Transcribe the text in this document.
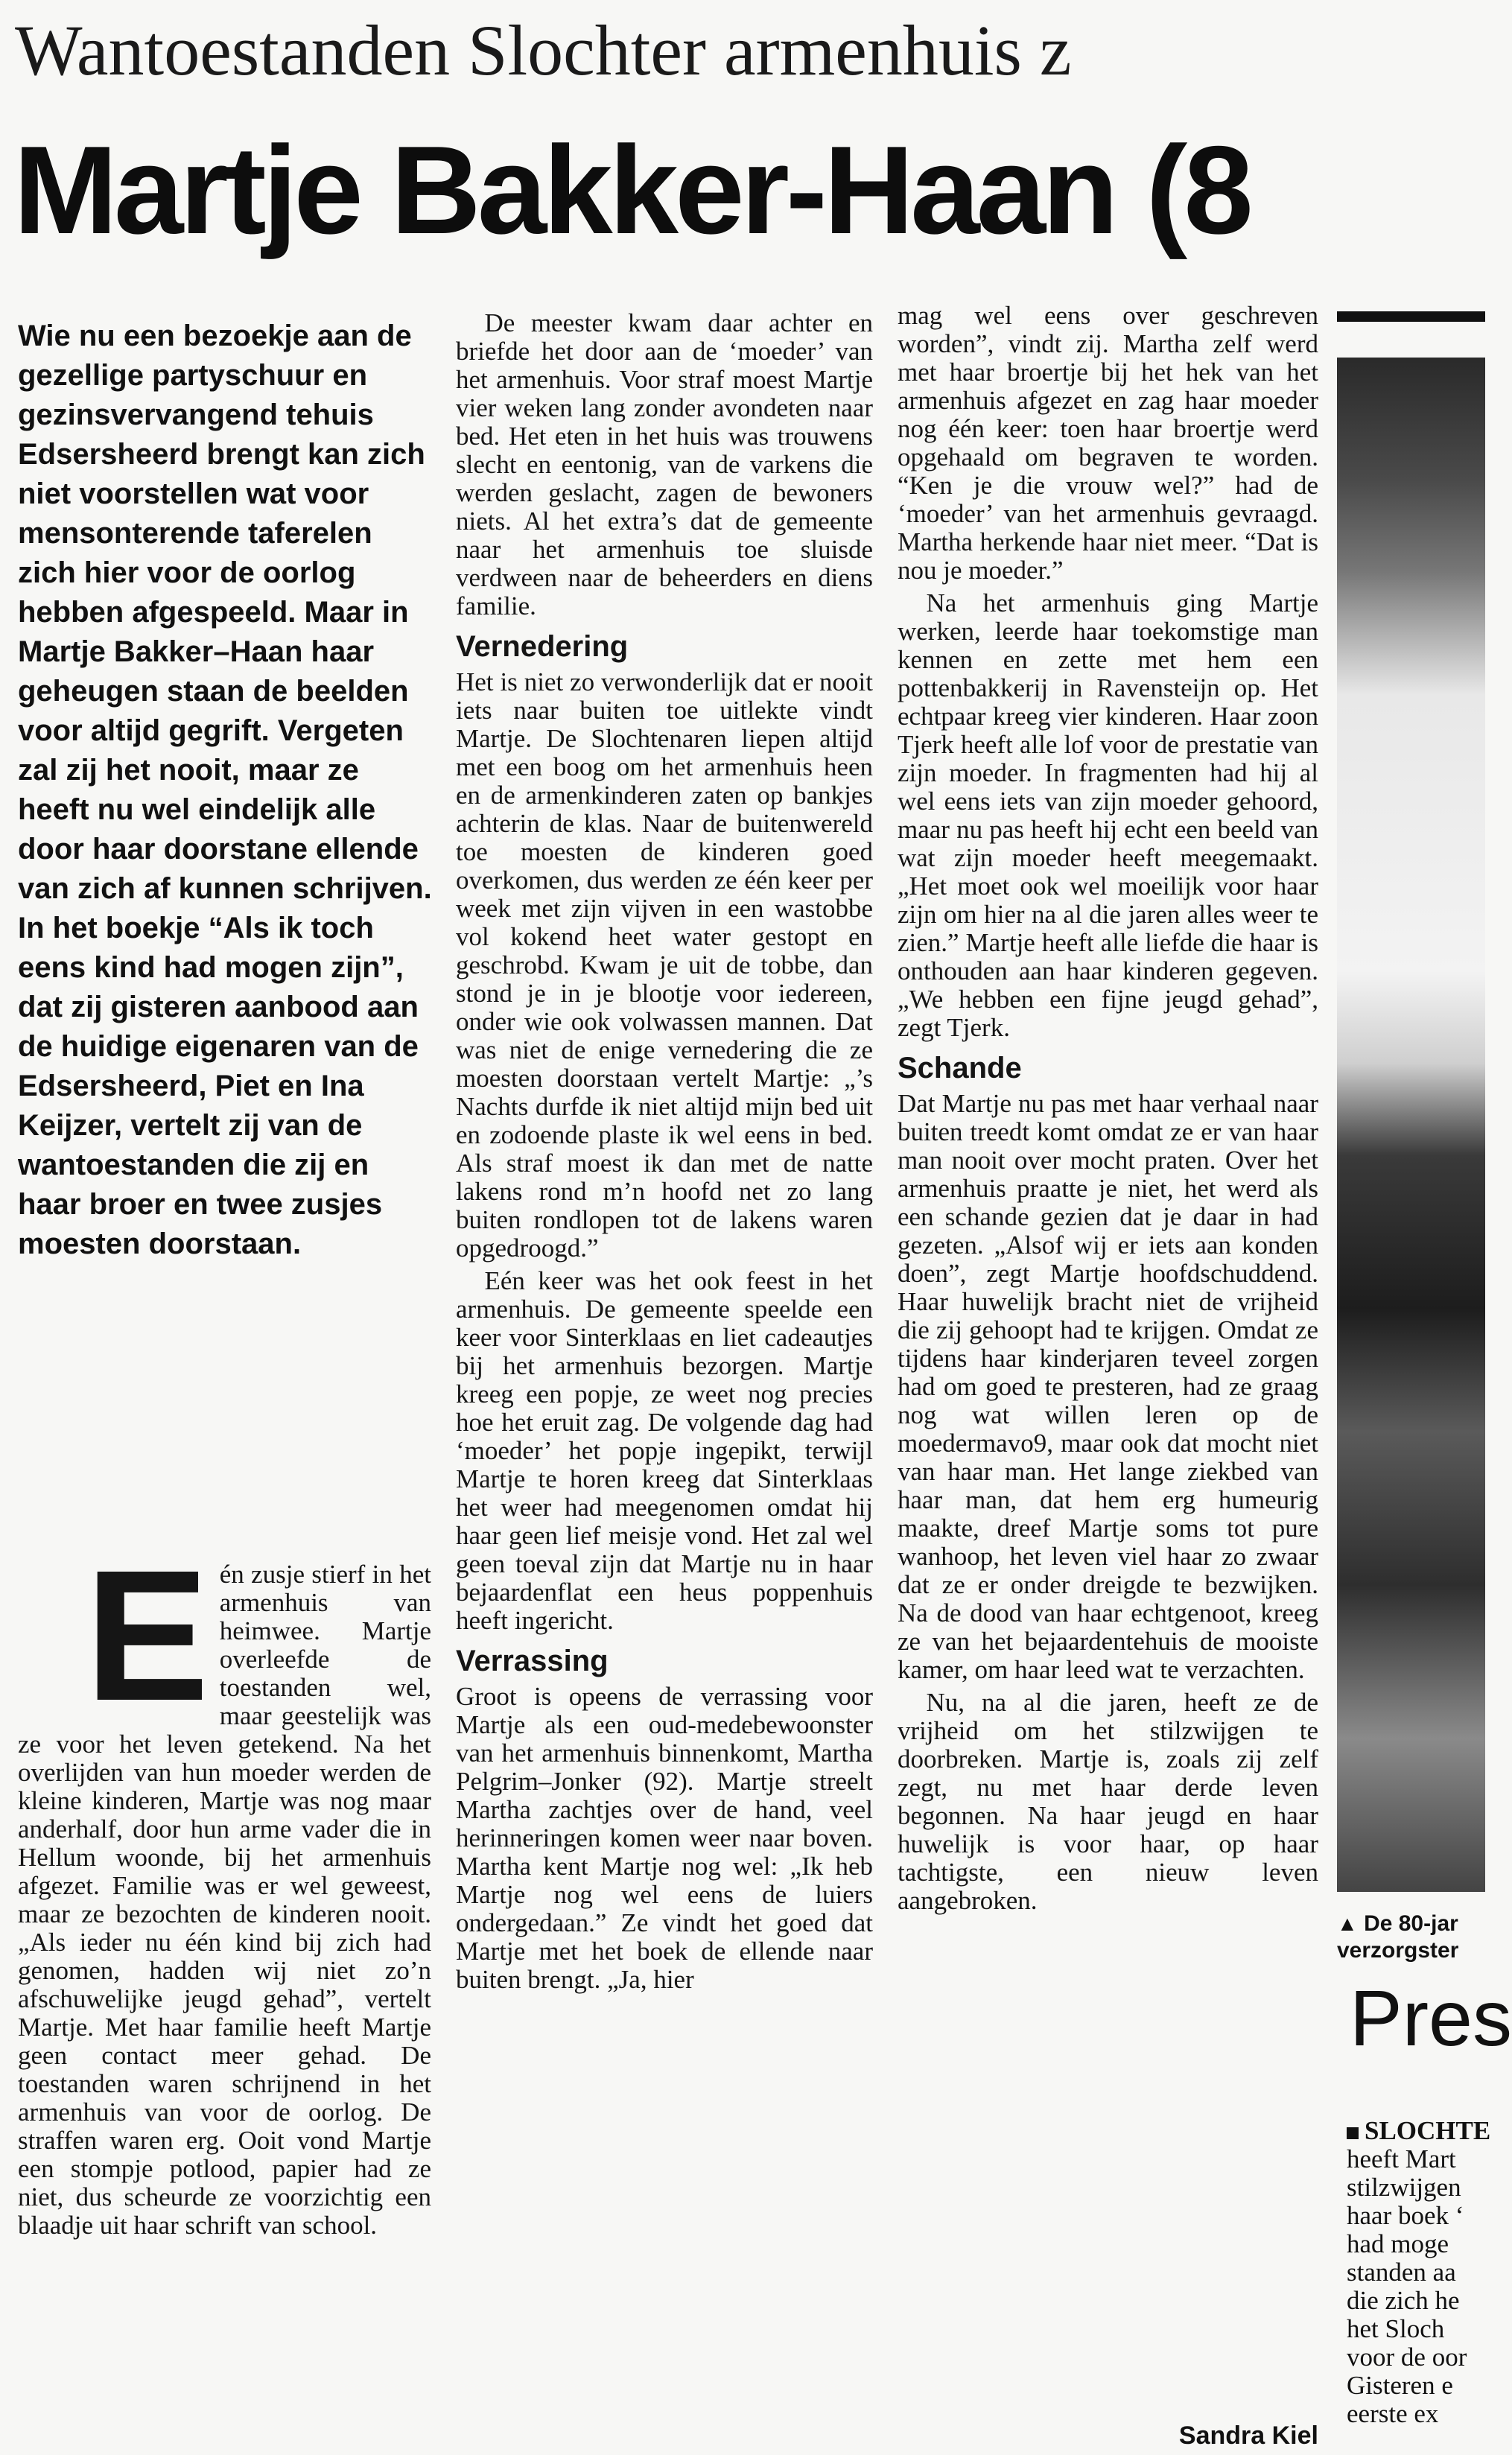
Wantoestanden Slochter armenhuis z
Martje Bakker-Haan (8
Wie nu een bezoekje aan de gezellige partyschuur en gezinsvervangend tehuis Edsersheerd brengt kan zich niet voorstellen wat voor mensonterende taferelen zich hier voor de oorlog hebben afgespeeld. Maar in Martje Bakker–Haan haar geheugen staan de beelden voor altijd gegrift. Vergeten zal zij het nooit, maar ze heeft nu wel eindelijk alle door haar doorstane ellende van zich af kunnen schrijven. In het boekje “Als ik toch eens kind had mogen zijn”, dat zij gisteren aanbood aan de huidige eigenaren van de Edsersheerd, Piet en Ina Keijzer, vertelt zij van de wantoestanden die zij en haar broer en twee zusjes moesten doorstaan.
E én zusje stierf in het armenhuis van heimwee. Martje overleefde de toestanden wel, maar geestelijk was ze voor het leven getekend. Na het overlijden van hun moeder werden de kleine kinderen, Martje was nog maar anderhalf, door hun arme vader die in Hellum woonde, bij het armenhuis afgezet. Familie was er wel geweest, maar ze bezochten de kinderen nooit. „Als ieder nu één kind bij zich had genomen, hadden wij niet zo’n afschuwelijke jeugd gehad”, vertelt Martje. Met haar familie heeft Martje geen contact meer gehad. De toestanden waren schrijnend in het armenhuis van voor de oorlog. De straffen waren erg. Ooit vond Martje een stompje potlood, papier had ze niet, dus scheurde ze voorzichtig een blaadje uit haar schrift van school.

De meester kwam daar achter en briefde het door aan de ‘moeder’ van het armenhuis. Voor straf moest Martje vier weken lang zonder avondeten naar bed. Het eten in het huis was trouwens slecht en eentonig, van de varkens die werden geslacht, zagen de bewoners niets. Al het extra’s dat de gemeente naar het armenhuis toe sluisde verdween naar de beheerders en diens familie.

Vernedering

Het is niet zo verwonderlijk dat er nooit iets naar buiten toe uitlekte vindt Martje. De Slochtenaren liepen altijd met een boog om het armenhuis heen en de armenkinderen zaten op bankjes achterin de klas. Naar de buitenwereld toe moesten de kinderen goed overkomen, dus werden ze één keer per week met zijn vijven in een wastobbe vol kokend heet water gestopt en geschrobd. Kwam je uit de tobbe, dan stond je in je blootje voor iedereen, onder wie ook volwassen mannen. Dat was niet de enige vernedering die ze moesten doorstaan vertelt Martje: „’s Nachts durfde ik niet altijd mijn bed uit en zodoende plaste ik wel eens in bed. Als straf moest ik dan met de natte lakens rond m’n hoofd net zo lang buiten rondlopen tot de lakens waren opgedroogd.”

Eén keer was het ook feest in het armenhuis. De gemeente speelde een keer voor Sinterklaas en liet cadeautjes bij het armenhuis bezorgen. Martje kreeg een popje, ze weet nog precies hoe het eruit zag. De volgende dag had ‘moeder’ het popje ingepikt, terwijl Martje te horen kreeg dat Sinterklaas het weer had meegenomen omdat hij haar geen lief meisje vond. Het zal wel geen toeval zijn dat Martje nu in haar bejaardenflat een heus poppenhuis heeft ingericht.

Verrassing

Groot is opeens de verrassing voor Martje als een oud-medebewoonster van het armenhuis binnenkomt, Martha Pelgrim–Jonker (92). Martje streelt Martha zachtjes over de hand, veel herinneringen komen weer naar boven. Martha kent Martje nog wel: „Ik heb Martje nog wel eens de luiers ondergedaan.” Ze vindt het goed dat Martje met het boek de ellende naar buiten brengt. „Ja, hier

mag wel eens over geschreven worden”, vindt zij. Martha zelf werd met haar broertje bij het hek van het armenhuis afgezet en zag haar moeder nog één keer: toen haar broertje werd opgehaald om begraven te worden. “Ken je die vrouw wel?” had de ‘moeder’ van het armenhuis gevraagd. Martha herkende haar niet meer. “Dat is nou je moeder.”

Na het armenhuis ging Martje werken, leerde haar toekomstige man kennen en zette met hem een pottenbakkerij in Ravensteijn op. Het echtpaar kreeg vier kinderen. Haar zoon Tjerk heeft alle lof voor de prestatie van zijn moeder. In fragmenten had hij al wel eens iets van zijn moeder gehoord, maar nu pas heeft hij echt een beeld van wat zijn moeder heeft meegemaakt. „Het moet ook wel moeilijk voor haar zijn om hier na al die jaren alles weer te zien.” Martje heeft alle liefde die haar is onthouden aan haar kinderen gegeven. „We hebben een fijne jeugd gehad”, zegt Tjerk.

Schande

Dat Martje nu pas met haar verhaal naar buiten treedt komt omdat ze er van haar man nooit over mocht praten. Over het armenhuis praatte je niet, het werd als een schande gezien dat je daar in had gezeten. „Alsof wij er iets aan konden doen”, zegt Martje hoofdschuddend. Haar huwelijk bracht niet de vrijheid die zij gehoopt had te krijgen. Omdat ze tijdens haar kinderjaren teveel zorgen had om goed te presteren, had ze graag nog wat willen leren op de moedermavo9, maar ook dat mocht niet van haar man. Het lange ziekbed van haar man, dat hem erg humeurig maakte, dreef Martje soms tot pure wanhoop, het leven viel haar zo zwaar dat ze er onder dreigde te bezwijken. Na de dood van haar echtgenoot, kreeg ze van het bejaardentehuis de mooiste kamer, om haar leed wat te verzachten.

Nu, na al die jaren, heeft ze de vrijheid om het stilzwijgen te doorbreken. Martje is, zoals zij zelf zegt, nu met haar derde leven begonnen. Na haar jeugd en haar huwelijk is voor haar, op haar tachtigste, een nieuw leven aangebroken.

Sandra Kiel
▲ De 80-jar
verzorgster
Pres
SLOCHTE
heeft Mart
stilzwijgen
haar boek ‘
had moge
standen aa
die zich he
het Sloch
voor de oor
Gisteren e
eerste ex
